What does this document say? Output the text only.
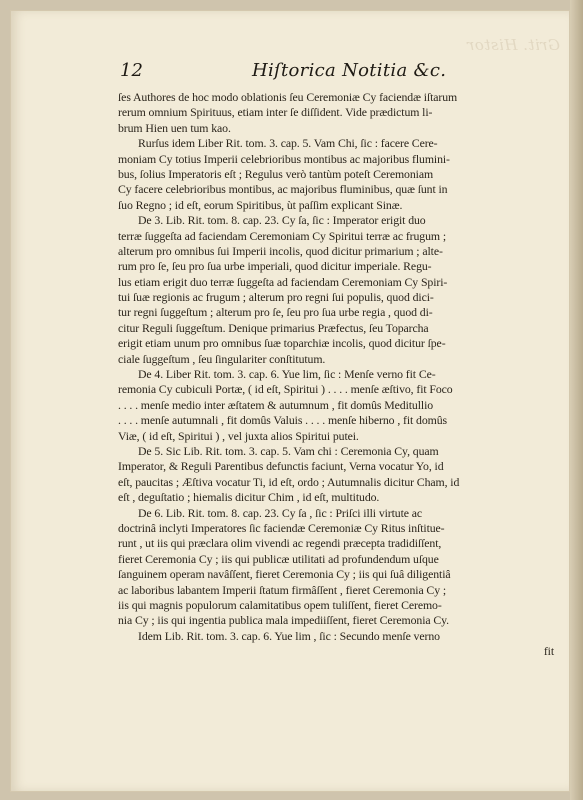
Grit. Histor
12	Hiſtorica Notitia &c.
ſes Authores de hoc modo oblationis ſeu Ceremoniæ Cy faciendæ iſtarum
rerum omnium Spirituus, etiam inter ſe diſſident. Vide prædictum li-
brum Hien uen tum kao.
Rurſus idem Liber Rit. tom. 3. cap. 5. Vam Chi, ſic : facere Cere-
moniam Cy totius Imperii celebrioribus montibus ac majoribus flumini-
bus, ſolius Imperatoris eſt ; Regulus verò tantùm poteſt Ceremoniam
Cy facere celebrioribus montibus, ac majoribus fluminibus, quæ ſunt in
ſuo Regno ; id eſt, eorum Spiritibus, ùt paſſim explicant Sinæ.
De 3. Lib. Rit. tom. 8. cap. 23. Cy ſa, ſic : Imperator erigit duo
terræ ſuggeſta ad faciendam Ceremoniam Cy Spiritui terræ ac frugum ;
alterum pro omnibus ſui Imperii incolis, quod dicitur primarium ; alte-
rum pro ſe, ſeu pro ſua urbe imperiali, quod dicitur imperiale. Regu-
lus etiam erigit duo terræ ſuggeſta ad faciendam Ceremoniam Cy Spiri-
tui ſuæ regionis ac frugum ; alterum pro regni ſui populis, quod dici-
tur regni ſuggeſtum ; alterum pro ſe, ſeu pro ſua urbe regia , quod di-
citur Reguli ſuggeſtum. Denique primarius Præfectus, ſeu Toparcha
erigit etiam unum pro omnibus ſuæ toparchiæ incolis, quod dicitur ſpe-
ciale ſuggeſtum , ſeu ſingulariter conſtitutum.
De 4. Liber Rit. tom. 3. cap. 6. Yue lim, ſic : Menſe verno fit Ce-
remonia Cy cubiculi Portæ, ( id eſt, Spiritui ) . . . . menſe æſtivo, fit Foco
. . . . menſe medio inter æſtatem & autumnum , fit domûs Meditullio
. . . . menſe autumnali , fit domûs Valuis . . . . menſe hiberno , fit domûs
Viæ, ( id eſt, Spiritui ) , vel juxta alios Spiritui putei.
De 5. Sic Lib. Rit. tom. 3. cap. 5. Vam chi : Ceremonia Cy, quam
Imperator, & Reguli Parentibus defunctis faciunt, Verna vocatur Yo, id
eſt, paucitas ; Æſtiva vocatur Ti, id eſt, ordo ; Autumnalis dicitur Cham, id
eſt , deguſtatio ; hiemalis dicitur Chim , id eſt, multitudo.
De 6. Lib. Rit. tom. 8. cap. 23. Cy ſa , ſic : Priſci illi virtute ac
doctrinâ inclyti Imperatores ſic faciendæ Ceremoniæ Cy Ritus inſtitue-
runt , ut iis qui præclara olim vivendi ac regendi præcepta tradidiſſent,
fieret Ceremonia Cy ; iis qui publicæ utilitati ad profundendum uſque
ſanguinem operam navâſſent, fieret Ceremonia Cy ; iis qui ſuâ diligentiâ
ac laboribus labantem Imperii ſtatum firmâſſent , fieret Ceremonia Cy ;
iis qui magnis populorum calamitatibus opem tuliſſent, fieret Ceremo-
nia Cy ; iis qui ingentia publica mala impediiſſent, fieret Ceremonia Cy.
Idem Lib. Rit. tom. 3. cap. 6. Yue lim , ſic : Secundo menſe verno
fit
